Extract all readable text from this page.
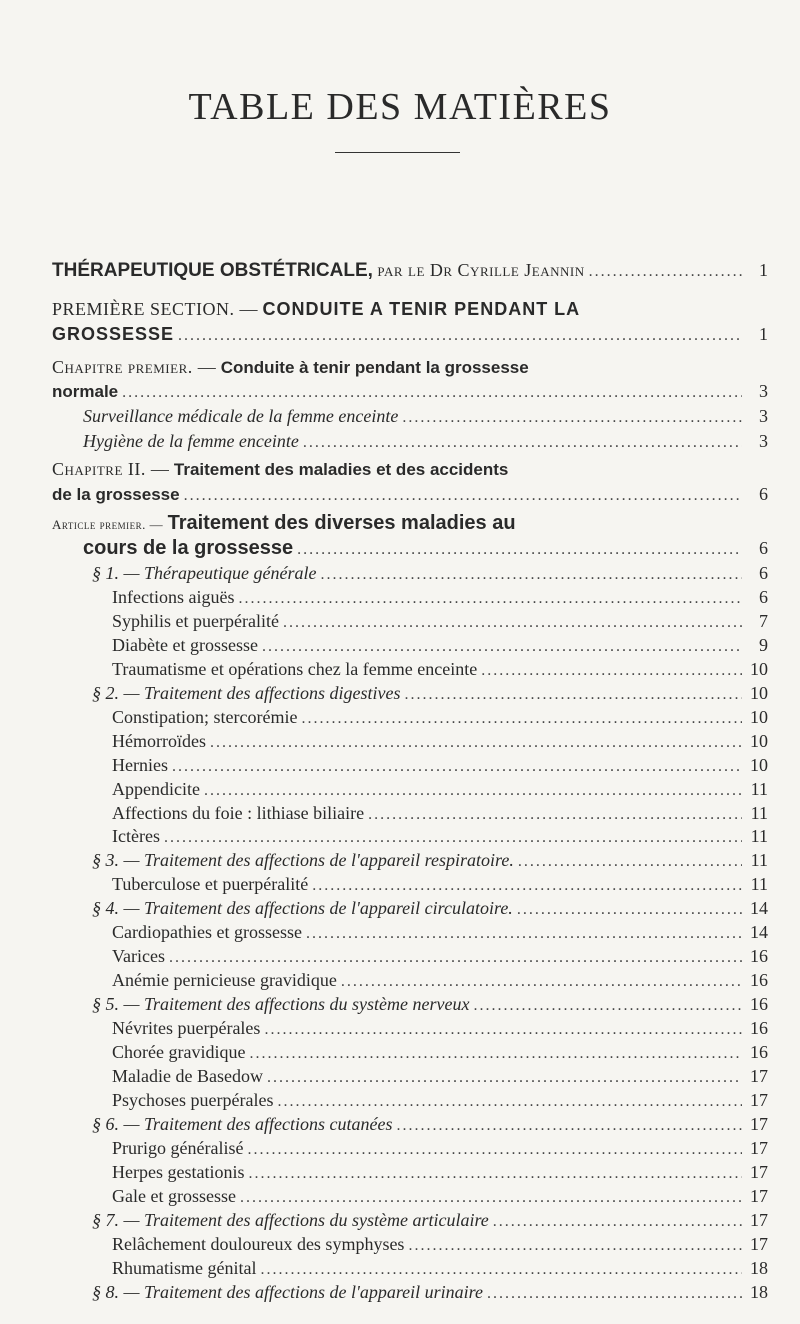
TABLE DES MATIÈRES
THÉRAPEUTIQUE OBSTÉTRICALE, par le Dr Cyrille Jeannin .....	1
PREMIÈRE SECTION. — CONDUITE A TENIR PENDANT LA
GROSSESSE .....	1
Chapitre premier. — Conduite à tenir pendant la grossesse
normale .....	3
Surveillance médicale de la femme enceinte .....	3
Hygiène de la femme enceinte .....	3
Chapitre II. — Traitement des maladies et des accidents
de la grossesse .....	6
Article premier. — Traitement des diverses maladies au
cours de la grossesse .....	6
§ 1. — Thérapeutique générale .....	6
Infections aiguës .....	6
Syphilis et puerpéralité .....	7
Diabète et grossesse .....	9
Traumatisme et opérations chez la femme enceinte .....	10
§ 2. — Traitement des affections digestives .....	10
Constipation; stercorémie .....	10
Hémorroïdes .....	10
Hernies .....	10
Appendicite .....	11
Affections du foie : lithiase biliaire .....	11
Ictères .....	11
§ 3. — Traitement des affections de l'appareil respiratoire. .....	11
Tuberculose et puerpéralité .....	11
§ 4. — Traitement des affections de l'appareil circulatoire. .....	14
Cardiopathies et grossesse .....	14
Varices .....	16
Anémie pernicieuse gravidique .....	16
§ 5. — Traitement des affections du système nerveux .....	16
Névrites puerpérales .....	16
Chorée gravidique .....	16
Maladie de Basedow .....	17
Psychoses puerpérales .....	17
§ 6. — Traitement des affections cutanées .....	17
Prurigo généralisé .....	17
Herpes gestationis .....	17
Gale et grossesse .....	17
§ 7. — Traitement des affections du système articulaire .....	17
Relâchement douloureux des symphyses .....	17
Rhumatisme génital .....	18
§ 8. — Traitement des affections de l'appareil urinaire .....	18
